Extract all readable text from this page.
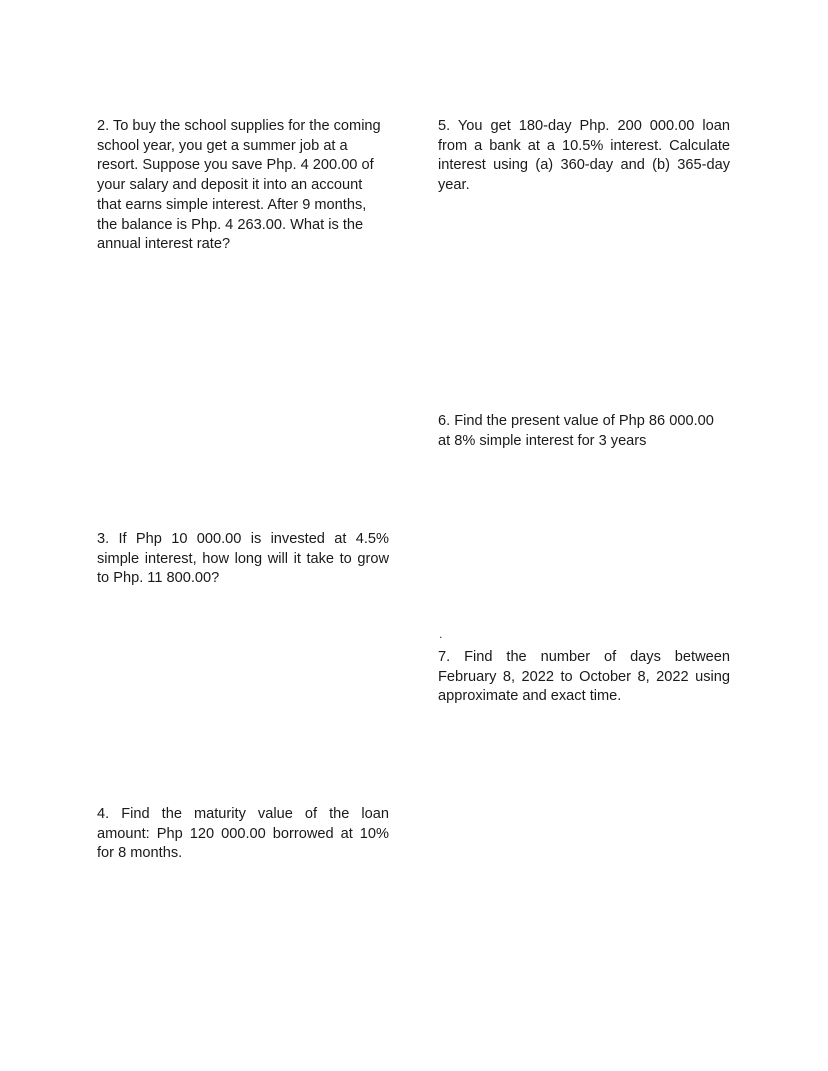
2. To buy the school supplies for the coming school year, you get a summer job at a resort. Suppose you save Php. 4 200.00 of your salary and deposit it into an account that earns simple interest. After 9 months, the balance is Php. 4 263.00. What is the annual interest rate?

3. If Php 10 000.00 is invested at 4.5% simple interest, how long will it take to grow to Php. 11 800.00?

4. Find the maturity value of the loan amount: Php 120 000.00 borrowed at 10% for 8 months.

5. You get 180-day Php. 200 000.00 loan from a bank at a 10.5% interest. Calculate interest using (a) 360-day and (b) 365-day year.

6. Find the present value of Php 86 000.00 at 8% simple interest for 3 years

.

7. Find the number of days between February 8, 2022 to October 8, 2022 using approximate and exact time.
